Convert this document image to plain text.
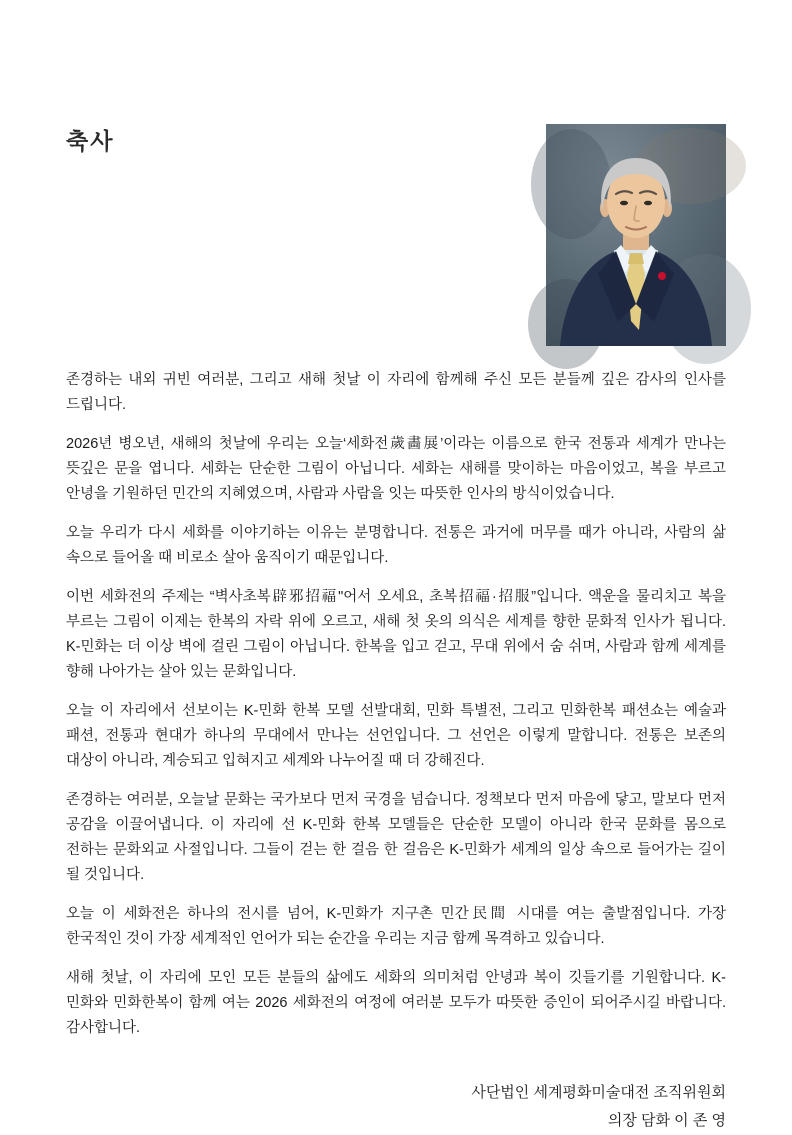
축사

존경하는 내외 귀빈 여러분, 그리고 새해 첫날 이 자리에 함께해 주신 모든 분들께 깊은 감사의 인사를 드립니다.

2026년 병오년, 새해의 첫날에 우리는 오늘‘세화전歲畵展’이라는 이름으로 한국 전통과 세계가 만나는 뜻깊은 문을 엽니다. 세화는 단순한 그림이 아닙니다. 세화는 새해를 맞이하는 마음이었고, 복을 부르고 안녕을 기원하던 민간의 지혜였으며, 사람과 사람을 잇는 따뜻한 인사의 방식이었습니다.

오늘 우리가 다시 세화를 이야기하는 이유는 분명합니다. 전통은 과거에 머무를 때가 아니라, 사람의 삶 속으로 들어올 때 비로소 살아 움직이기 때문입니다.

이번 세화전의 주제는 “벽사초복辟邪招福"어서 오세요, 초복招福·招服”입니다. 액운을 물리치고 복을 부르는 그림이 이제는 한복의 자락 위에 오르고, 새해 첫 옷의 의식은 세계를 향한 문화적 인사가 됩니다. K-민화는 더 이상 벽에 걸린 그림이 아닙니다. 한복을 입고 걷고, 무대 위에서 숨 쉬며, 사람과 함께 세계를 향해 나아가는 살아 있는 문화입니다.

오늘 이 자리에서 선보이는 K-민화 한복 모델 선발대회, 민화 특별전, 그리고 민화한복 패션쇼는 예술과 패션, 전통과 현대가 하나의 무대에서 만나는 선언입니다. 그 선언은 이렇게 말합니다. 전통은 보존의 대상이 아니라, 계승되고 입혀지고 세계와 나누어질 때 더 강해진다.

존경하는 여러분, 오늘날 문화는 국가보다 먼저 국경을 넘습니다. 정책보다 먼저 마음에 닿고, 말보다 먼저 공감을 이끌어냅니다. 이 자리에 선 K-민화 한복 모델들은 단순한 모델이 아니라 한국 문화를 몸으로 전하는 문화외교 사절입니다. 그들이 걷는 한 걸음 한 걸음은 K-민화가 세계의 일상 속으로 들어가는 길이 될 것입니다.

오늘 이 세화전은 하나의 전시를 넘어, K-민화가 지구촌 민간民間 시대를 여는 출발점입니다. 가장 한국적인 것이 가장 세계적인 언어가 되는 순간을 우리는 지금 함께 목격하고 있습니다.

새해 첫날, 이 자리에 모인 모든 분들의 삶에도 세화의 의미처럼 안녕과 복이 깃들기를 기원합니다. K-민화와 민화한복이 함께 여는 2026 세화전의 여정에 여러분 모두가 따뜻한 증인이 되어주시길 바랍니다. 감사합니다.

사단법인 세계평화미술대전 조직위원회
의장 담화 이 존 영
